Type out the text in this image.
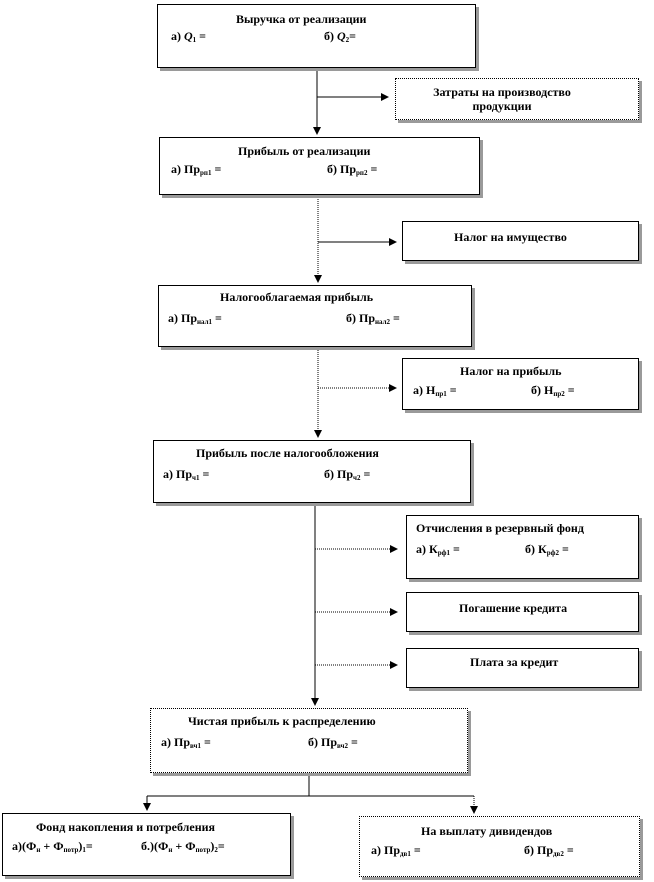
Выручка от реализации
а) $Q_1$ =	б) $Q_2=$
Затраты на производство продукции
Прибыль от реализации
а) $Пр_{рп1}$ =	б) $Пр_{рп2}$ =
Налог на имущество
Налогооблагаемая прибыль
а) $Пр_{нал1}$ =	б) $Пр_{нал2}$ =
Налог на прибыль
а) $Н_{пр1}$ =	б) $Н_{пр2}$ =
Прибыль после налогообложения
а) $Пр_{ч1}$ =	б) $Пр_{ч2}$ =
Отчисления в резервный фонд
а) $К_{рф1}$ =	б) $К_{рф2}$ =
Погашение кредита
Плата за кредит
Чистая прибыль к распределению
а) $Пр_{вч1}$ =	б) $Пр_{вч2}$ =
Фонд накопления и потребления
$а)(Ф_н + Ф_{потр})_1=$	$б.)(Ф_н + Ф_{потр})_2=$
На выплату дивидендов
а) $Пр_{дв1}$ =	б) $Пр_{дв2}$ =
